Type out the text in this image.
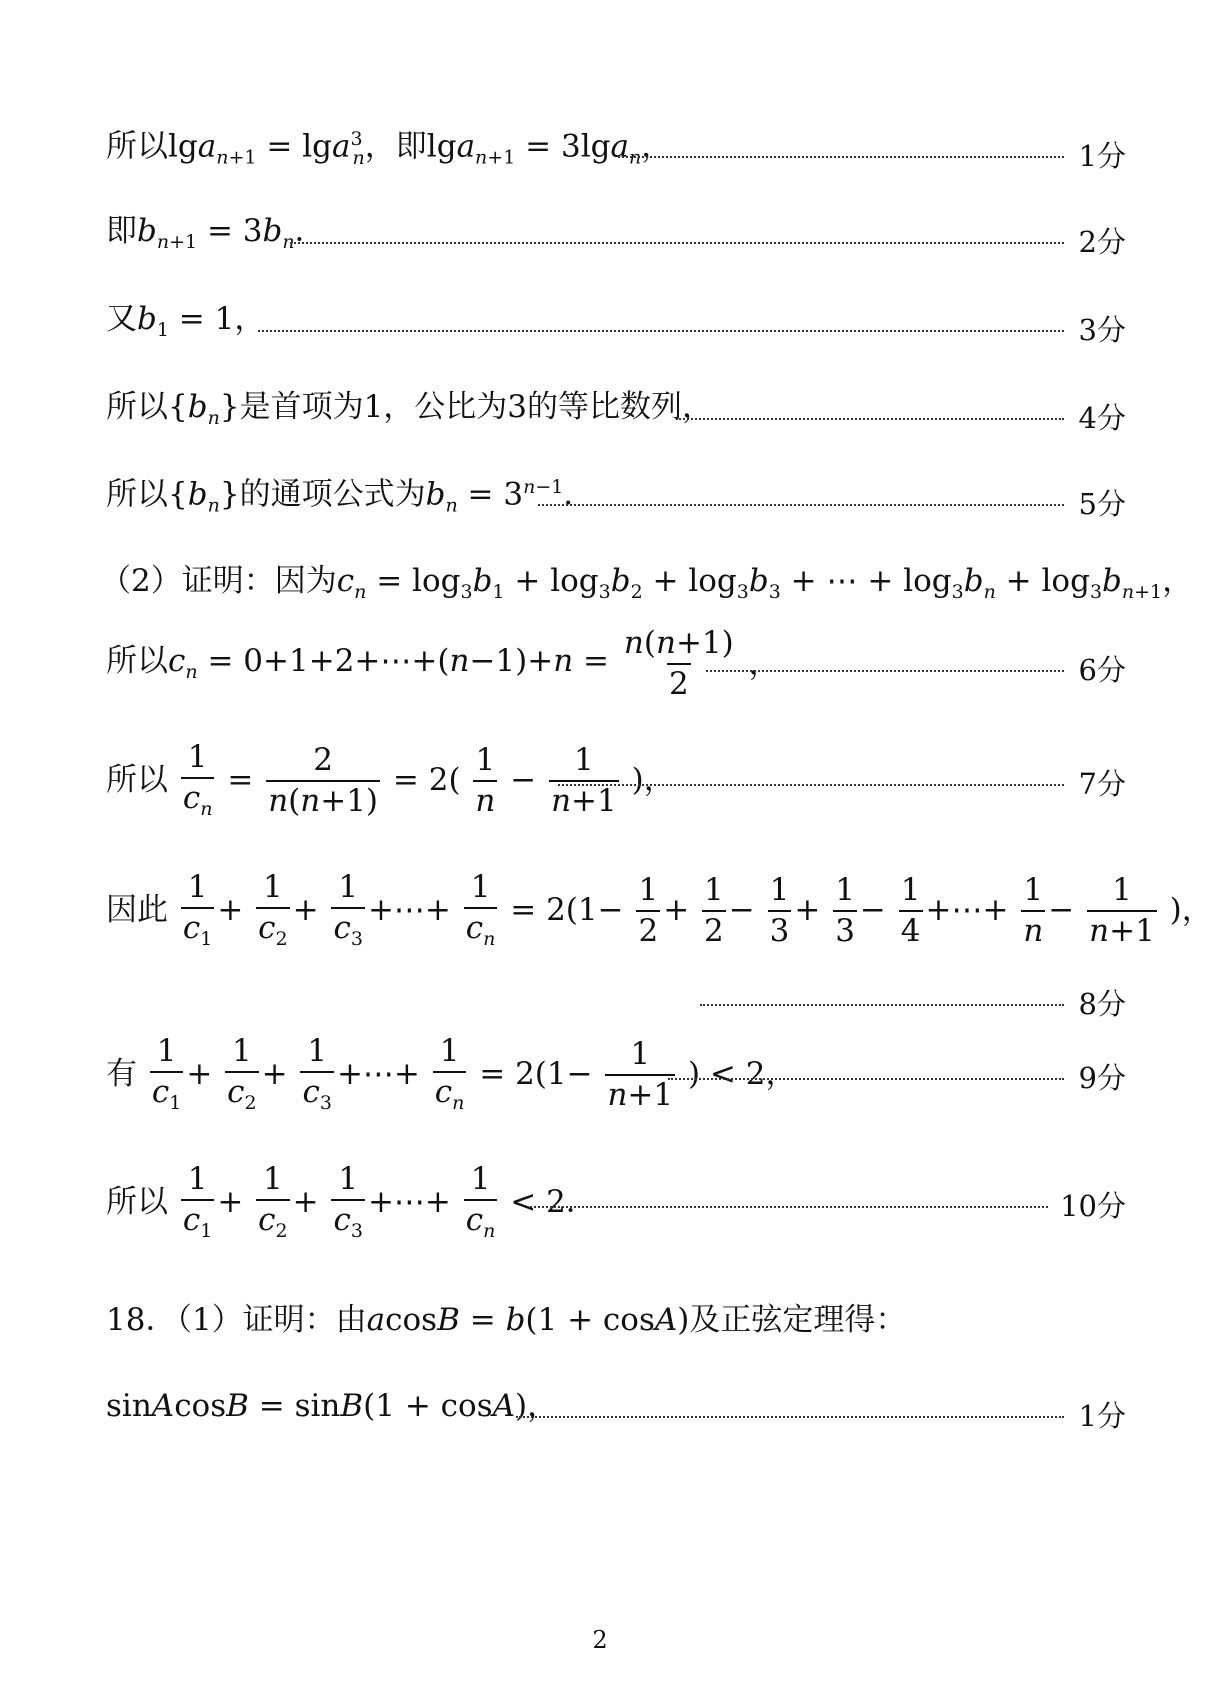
所以lga$_{n+1}$ = lga$^3_n$，即lga$_{n+1}$ = 3lga$_n$，	1分
即$b_{n+1} = 3b_n$．	2分
又$b_1 = 1$，	3分
所以$\{b_n\}$是首项为1，公比为3的等比数列，	4分
所以$\{b_n\}$的通项公式为$b_n = 3^{n-1}$．	5分
（2）证明：因为$c_n = \log_3b_1 + \log_3b_2 + \log_3b_3$ + ⋯ + $\log_3b_n + \log_3b_{n+1}$，
所以$c_n$ = 0+1+2+⋯+(n−1)+n = $\frac{n(n+1)}{2}$ ，	6分
所以 $\frac{1}{c_n} = \frac{2}{n(n+1)} = 2( \frac{1}{n} - \frac{1}{n+1}$ )，	7分
因此 $\frac{1}{c_1} + \frac{1}{c_2} + \frac{1}{c_3}$ +⋯+ $\frac{1}{c_n} = 2(1- \frac{1}{2} + \frac{1}{2} - \frac{1}{3} + \frac{1}{3} - \frac{1}{4}$ +⋯+ $\frac{1}{n} - \frac{1}{n+1}$ )，
8分
有 $\frac{1}{c_1} + \frac{1}{c_2} + \frac{1}{c_3}$ +⋯+ $\frac{1}{c_n} = 2(1- \frac{1}{n+1}$ ) < 2，	9分
所以 $\frac{1}{c_1} + \frac{1}{c_2} + \frac{1}{c_3}$ +⋯+ $\frac{1}{c_n} < 2$．	10分
18．（1）证明：由acosB = b(1 + cosA)及正弦定理得：
sinAcosB = sinB(1 + cosA)，	1分
2
